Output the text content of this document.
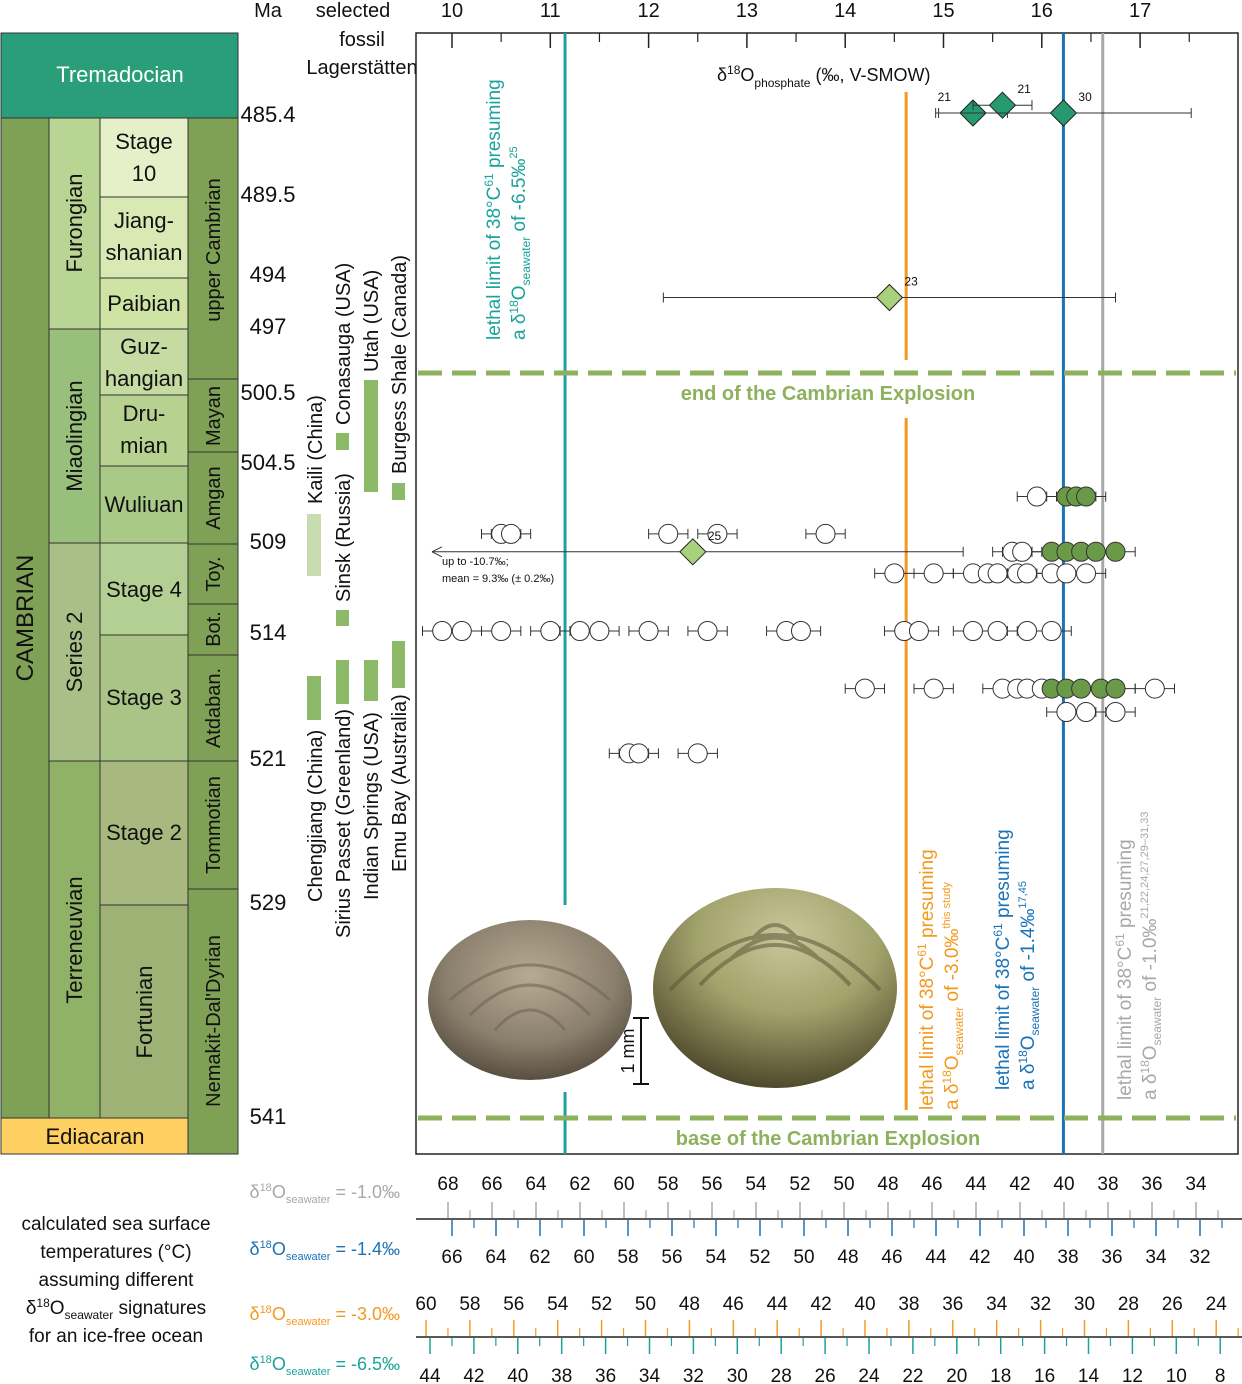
Tremadocian
CAMBRIAN
Ediacaran
Furongian
Miaolingian
Series 2
Terreneuvian
Stage
10
Jiang-
shanian
Paibian
Guz-
hangian
Dru-
mian
Wuliuan
Stage 4
Stage 3
Stage 2
Fortunian
upper Cambrian
Mayan
Amgan
Toy.
Bot.
Atdaban.
Tommotian
Nemakit-Dal'Dyrian
Ma
485.4
489.5
494
497
500.5
504.5
509
514
521
529
541
selected
fossil
Lagerstätten
Kaili (China)
Conasauga (USA) Utah (USA) Burgess Shale (Canada)
Sinsk (Russia)
Chengjiang (China) Sirius Passet (Greenland) Indian Springs (USA) Emu Bay (Australia)
10	11	12	13	14	15	16	17
$\delta^{18}O_{phosphate}$ (‰, V-SMOW)
lethal limit of $38^\circ C^{61}$ presuming
a $\delta^{18}O_{seawater}$ of -6.5‰$^{25}$
lethal limit of $38^\circ C^{61}$ presuming
a $\delta^{18}O_{seawater}$ of -3.0‰$^{this study}$
lethal limit of $38^\circ C^{61}$ presuming
a $\delta^{18}O_{seawater}$ of -1.4‰$^{17,45}$
lethal limit of $38^\circ C^{61}$ presuming
a $\delta^{18}O_{seawater}$ of -1.0‰$^{21,22,24,27,29-31,33}$
end of the Cambrian Explosion
base of the Cambrian Explosion
1 mm
21
21
30
23
25
up to -10.7‰;
mean = 9.3‰ (± 0.2‰)
calculated sea surface
temperatures (°C)
assuming different
$\delta^{18}O_{seawater}$ signatures
for an ice-free ocean
68 66 64 62 60 58 56 54 52 50 48 46 44 42 40 38 36 34
$\delta^{18}O_{seawater}$ = -1.0‰
66 64 62 60 58 56 54 52 50 48 46 44 42 40 38 36 34 32
$\delta^{18}O_{seawater}$ = -1.4‰
60 58 56 54 52 50 48 46 44 42 40 38 36 34 32 30 28 26 24
$\delta^{18}O_{seawater}$ = -3.0‰
44 42 40 38 36 34 32 30 28 26 24 22 20 18 16 14 12 10 8
$\delta^{18}O_{seawater}$ = -6.5‰
